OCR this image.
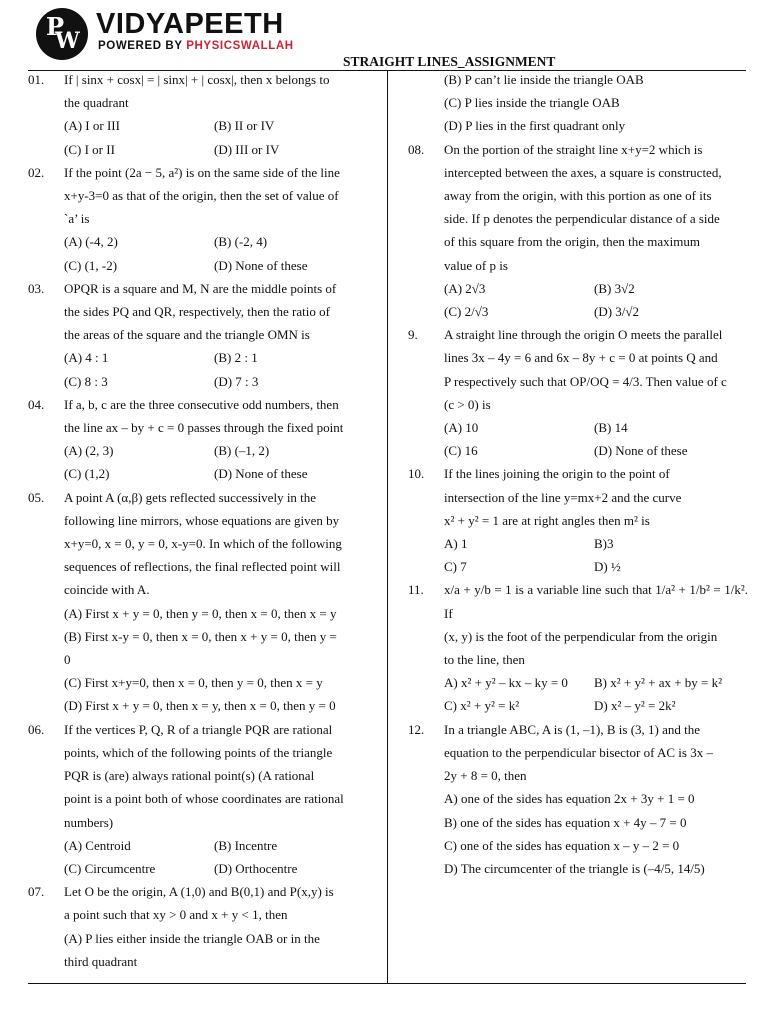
P
W
VIDYAPEETH
POWERED BY PHYSICSWALLAH
STRAIGHT LINES_ASSIGNMENT
01.	If | sinx + cosx| = | sinx| + | cosx|, then x belongs to
the quadrant
(A) I or III	(B) II or IV
(C) I or II	(D) III or IV
02.	If the point (2a − 5, a²) is on the same side of the line
x+y-3=0 as that of the origin, then the set of value of
`a’ is
(A) (-4, 2)	(B) (-2, 4)
(C) (1, -2)	(D) None of these
03.	OPQR is a square and M, N are the middle points of
the sides PQ and QR, respectively, then the ratio of
the areas of the square and the triangle OMN is
(A) 4 : 1	(B) 2 : 1
(C) 8 : 3	(D) 7 : 3
04.	If a, b, c are the three consecutive odd numbers, then
the line ax – by + c = 0 passes through the fixed point
(A) (2, 3)	(B) (–1, 2)
(C) (1,2)	(D) None of these
05.	A point A (α,β) gets reflected successively in the
following line mirrors, whose equations are given by
x+y=0, x = 0, y = 0, x-y=0. In which of the following
sequences of reflections, the final reflected point will
coincide with A.
(A) First x + y = 0, then y = 0, then x = 0, then x = y
(B) First x-y = 0, then x = 0, then x + y = 0, then y =
0
(C) First x+y=0, then x = 0, then y = 0, then x = y
(D) First x + y = 0, then x = y, then x = 0, then y = 0
06.	If the vertices P, Q, R of a triangle PQR are rational
points, which of the following points of the triangle
PQR is (are) always rational point(s) (A rational
point is a point both of whose coordinates are rational
numbers)
(A) Centroid	(B) Incentre
(C) Circumcentre	(D) Orthocentre
07.	Let O be the origin, A (1,0) and B(0,1) and P(x,y) is
a point such that xy > 0 and x + y < 1, then
(A) P lies either inside the triangle OAB or in the
third quadrant
(B) P can’t lie inside the triangle OAB
(C) P lies inside the triangle OAB
(D) P lies in the first quadrant only
08.	On the portion of the straight line x+y=2 which is
intercepted between the axes, a square is constructed,
away from the origin, with this portion as one of its
side. If p denotes the perpendicular distance of a side
of this square from the origin, then the maximum
value of p is
(A) 2√3	(B) 3√2
(C) 2/√3	(D) 3/√2
9.	A straight line through the origin O meets the parallel
lines 3x – 4y = 6 and 6x – 8y + c = 0 at points Q and
P respectively such that OP/OQ = 4/3. Then value of c
(c > 0) is
(A) 10	(B) 14
(C) 16	(D) None of these
10.	If the lines joining the origin to the point of
intersection of the line y=mx+2 and the curve
x² + y² = 1 are at right angles then m² is
A) 1	B)3
C) 7	D) ½
11.	x/a + y/b = 1 is a variable line such that 1/a² + 1/b² = 1/k². If
(x, y) is the foot of the perpendicular from the origin
to the line, then
A) x² + y² – kx – ky = 0	B) x² + y² + ax + by = k²
C) x² + y² = k²	D) x² – y² = 2k²
12.	In a triangle ABC, A is (1, –1), B is (3, 1) and the
equation to the perpendicular bisector of AC is 3x –
2y + 8 = 0, then
A) one of the sides has equation 2x + 3y + 1 = 0
B) one of the sides has equation x + 4y – 7 = 0
C) one of the sides has equation x – y – 2 = 0
D) The circumcenter of the triangle is (–4/5, 14/5)
